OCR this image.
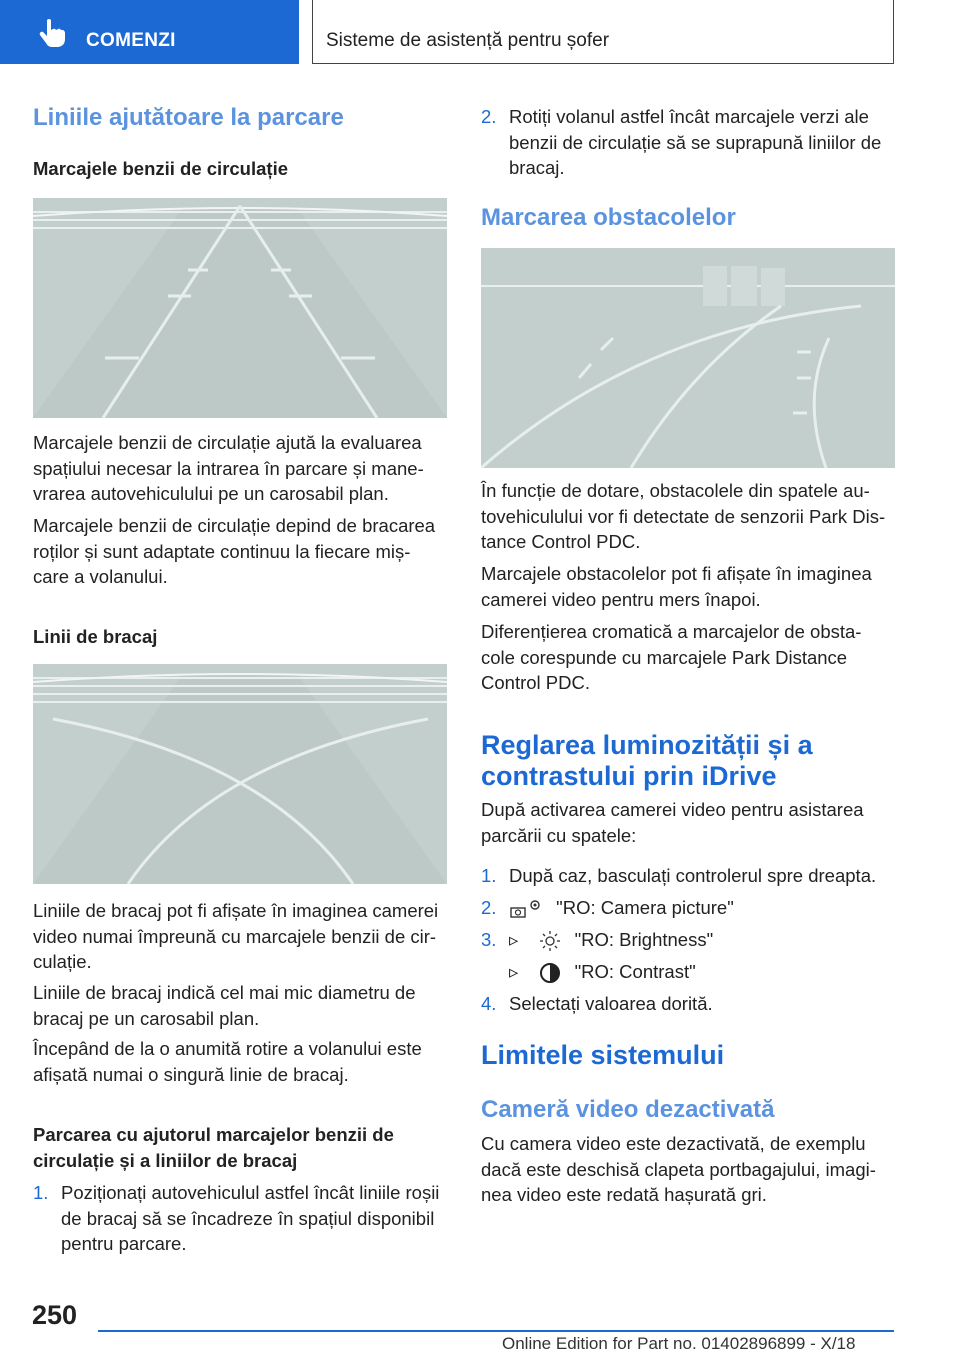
COMENZI	Sisteme de asistență pentru șofer
Liniile ajutătoare la parcare
Marcajele benzii de circulație
Marcajele benzii de circulație ajută la evaluarea
spațiului necesar la intrarea în parcare și mane-
vrarea autovehiculului pe un carosabil plan.
Marcajele benzii de circulație depind de bracarea
roților și sunt adaptate continuu la fiecare miș-
care a volanului.
Linii de bracaj
Liniile de bracaj pot fi afișate în imaginea camerei
video numai împreună cu marcajele benzii de cir-
culație.
Liniile de bracaj indică cel mai mic diametru de
bracaj pe un carosabil plan.
Începând de la o anumită rotire a volanului este
afișată numai o singură linie de bracaj.
Parcarea cu ajutorul marcajelor benzii de
circulație și a liniilor de bracaj
1. Poziționați autovehiculul astfel încât liniile roșii
de bracaj să se încadreze în spațiul disponibil
pentru parcare.
2. Rotiți volanul astfel încât marcajele verzi ale
benzii de circulație să se suprapună liniilor de
bracaj.
Marcarea obstacolelor
În funcție de dotare, obstacolele din spatele au-
tovehiculului vor fi detectate de senzorii Park Dis-
tance Control PDC.
Marcajele obstacolelor pot fi afișate în imaginea
camerei video pentru mers înapoi.
Diferențierea cromatică a marcajelor de obsta-
cole corespunde cu marcajele Park Distance
Control PDC.
Reglarea luminozității și a
contrastului prin iDrive
După activarea camerei video pentru asistarea
parcării cu spatele:
1. După caz, basculați controlerul spre dreapta.
2.	"RO: Camera picture"
3. ▹	"RO: Brightness"
▹	"RO: Contrast"
4. Selectați valoarea dorită.
Limitele sistemului
Cameră video dezactivată
Cu camera video este dezactivată, de exemplu
dacă este deschisă clapeta portbagajului, imagi-
nea video este redată hașurată gri.
250
Online Edition for Part no. 01402896899 - X/18
